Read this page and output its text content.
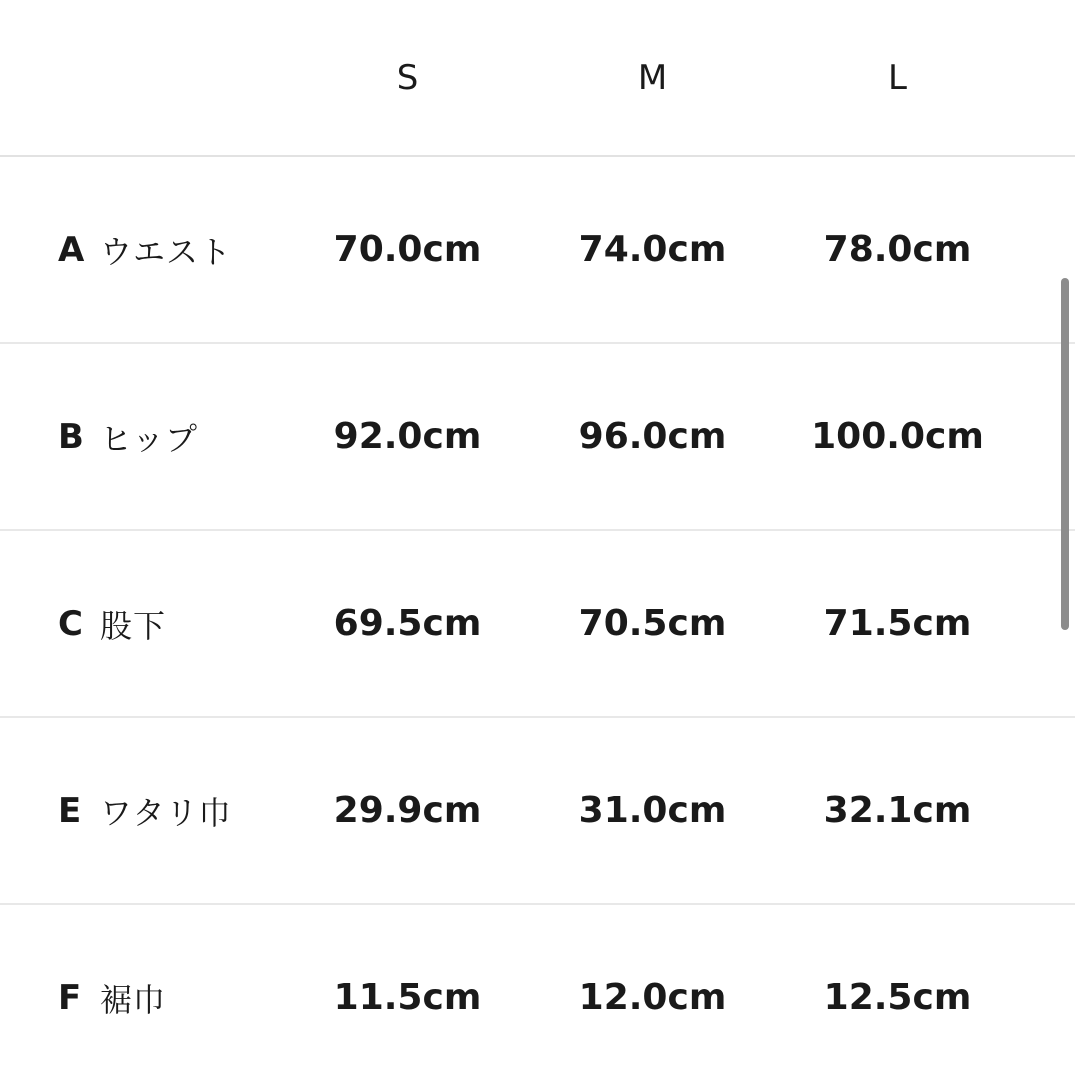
		S	M	L	
A	ウエスト	70.0cm	74.0cm	78.0cm	
B	ヒップ	92.0cm	96.0cm	100.0cm	
C	股下	69.5cm	70.5cm	71.5cm	
E	ワタリ巾	29.9cm	31.0cm	32.1cm	
F	裾巾	11.5cm	12.0cm	12.5cm	
